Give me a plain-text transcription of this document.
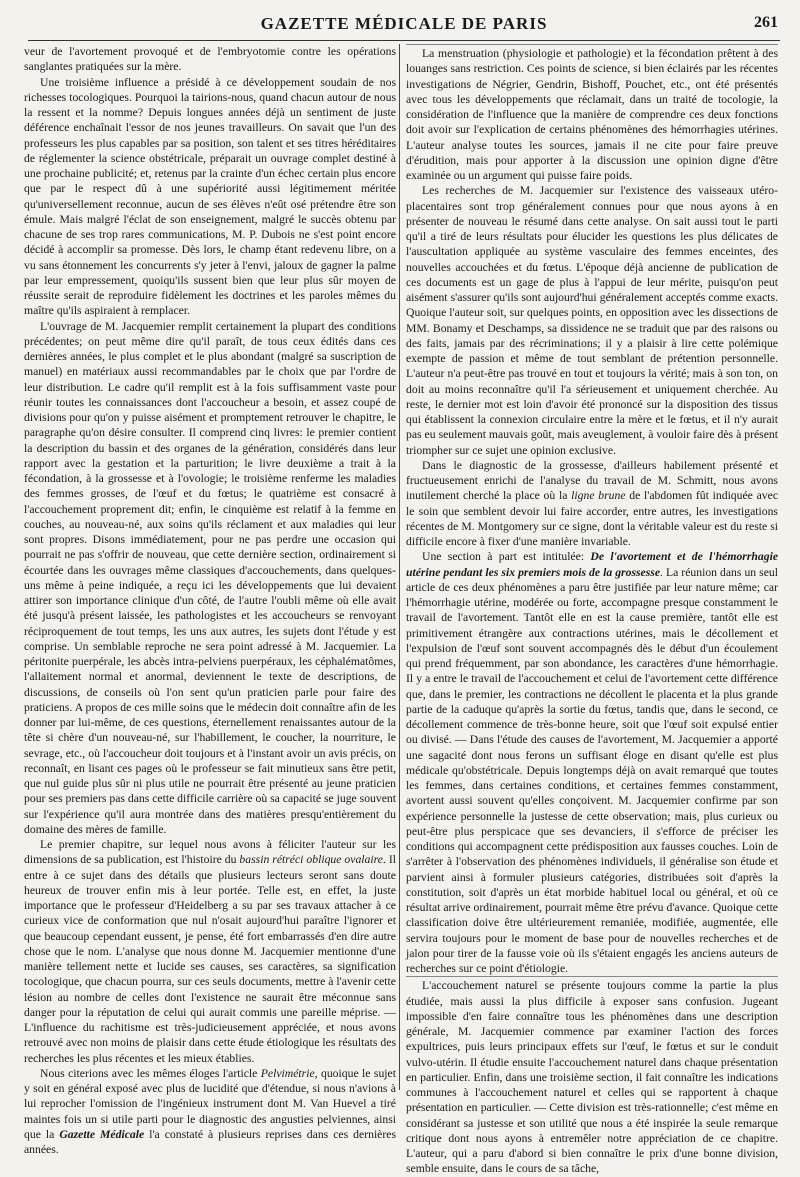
GAZETTE MÉDICALE DE PARIS	261

veur de l'avortement provoqué et de l'embryotomie contre les opérations sanglantes pratiquées sur la mère.

Une troisième influence a présidé à ce développement soudain de nos richesses tocologiques. Pourquoi la tairions-nous, quand chacun autour de nous la ressent et la nomme? Depuis longues années déjà un sentiment de juste déférence enchaînait l'essor de nos jeunes travailleurs. On savait que l'un des professeurs les plus capables par sa position, son talent et ses titres héréditaires de réglementer la science obstétricale, préparait un ouvrage complet destiné à une prochaine publicité; et, retenus par la crainte d'un échec certain plus encore que par le respect dû à une supériorité aussi légitimement méritée qu'universellement reconnue, aucun de ses élèves n'eût osé prétendre être son émule. Mais malgré l'éclat de son enseignement, malgré le succès obtenu par chacune de ses trop rares communications, M. P. Dubois ne s'est point encore décidé à accomplir sa promesse. Dès lors, le champ étant redevenu libre, on a vu sans étonnement les concurrents s'y jeter à l'envi, jaloux de gagner la palme par leur empressement, quoiqu'ils sussent bien que leur plus sûr moyen de réussite serait de reproduire fidèlement les doctrines et les paroles mêmes du maître qu'ils aspiraient à remplacer.

L'ouvrage de M. Jacquemier remplit certainement la plupart des conditions précédentes; on peut même dire qu'il paraît, de tous ceux édités dans ces dernières années, le plus complet et le plus abondant (malgré sa suscription de manuel) en matériaux aussi recommandables par le choix que par l'ordre de leur distribution. Le cadre qu'il remplit est à la fois suffisamment vaste pour réunir toutes les connaissances dont l'accoucheur a besoin, et assez coupé de divisions pour qu'on y puisse aisément et promptement retrouver le chapitre, le paragraphe qu'on désire consulter. Il comprend cinq livres: le premier contient la description du bassin et des organes de la génération, considérés dans leur rapport avec la gestation et la parturition; le livre deuxième a trait à la fécondation, à la grossesse et à l'ovologie; le troisième renferme les maladies des femmes grosses, de l'œuf et du fœtus; le quatrième est consacré à l'accouchement proprement dit; enfin, le cinquième est relatif à la femme en couches, au nouveau-né, aux soins qu'ils réclament et aux maladies qui leur sont propres. Disons immédiatement, pour ne pas perdre une occasion qui pourrait ne pas s'offrir de nouveau, que cette dernière section, ordinairement si écourtée dans les ouvrages même classiques d'accouchements, dans quelques-uns même à peine indiquée, a reçu ici les développements que lui devaient attirer son importance clinique d'un côté, de l'autre l'oubli même où elle avait été jusqu'à présent laissée, les pathologistes et les accoucheurs se renvoyant réciproquement de tout temps, les uns aux autres, les sujets dont l'étude y est comprise. Un semblable reproche ne sera point adressé à M. Jacquemier. La péritonite puerpérale, les abcès intra-pelviens puerpéraux, les céphalématômes, l'allaitement normal et anormal, deviennent le texte de descriptions, de discussions, de conseils où l'on sent qu'un praticien parle pour faire des praticiens. A propos de ces mille soins que le médecin doit connaître afin de les donner par lui-même, de ces questions, éternellement renaissantes autour de la tête si chère d'un nouveau-né, sur l'habillement, le coucher, la nourriture, le sevrage, etc., où l'accoucheur doit toujours et à l'instant avoir un avis précis, on reconnaît, en lisant ces pages où le professeur se fait minutieux sans être petit, que nul guide plus sûr ni plus utile ne pourrait être présenté au jeune praticien pour ses premiers pas dans cette difficile carrière où sa capacité se juge souvent sur l'expérience qu'il aura montrée dans des matières presqu'entièrement du domaine des mères de famille.

Le premier chapitre, sur lequel nous avons à féliciter l'auteur sur les dimensions de sa publication, est l'histoire du bassin rétréci oblique ovalaire. Il entre à ce sujet dans des détails que plusieurs lecteurs seront sans doute heureux de trouver enfin mis à leur portée. Telle est, en effet, la juste importance que le professeur d'Heidelberg a su par ses travaux attacher à ce curieux vice de conformation que nul n'osait aujourd'hui paraître l'ignorer et que beaucoup cependant eussent, je pense, été fort embarrassés d'en dire autre chose que le nom. L'analyse que nous donne M. Jacquemier mentionne d'une manière tellement nette et lucide ses causes, ses caractères, sa signification tocologique, que chacun pourra, sur ces seuls documents, mettre à l'avenir cette lésion au nombre de celles dont l'existence ne saurait être méconnue sans danger pour la réputation de celui qui aurait commis une pareille méprise. — L'influence du rachitisme est très-judicieusement appréciée, et nous avons retrouvé avec non moins de plaisir dans cette étude étiologique les résultats des recherches les plus récentes et les mieux établies.

Nous citerions avec les mêmes éloges l'article Pelvimétrie, quoique le sujet y soit en général exposé avec plus de lucidité que d'étendue, si nous n'avions à lui reprocher l'omission de l'ingénieux instrument dont M. Van Huevel a tiré maintes fois un si utile parti pour le diagnostic des angusties pelviennes, ainsi que la Gazette Médicale l'a constaté à plusieurs reprises dans ces dernières années.

La menstruation (physiologie et pathologie) et la fécondation prêtent à des louanges sans restriction. Ces points de science, si bien éclairés par les récentes investigations de Négrier, Gendrin, Bishoff, Pouchet, etc., ont été présentés avec tous les développements que réclamait, dans un traité de tocologie, la considération de l'influence que la manière de comprendre ces deux fonctions doit avoir sur l'explication de certains phénomènes des hémorrhagies utérines. L'auteur analyse toutes les sources, jamais il ne cite pour faire preuve d'érudition, mais pour apporter à la discussion une opinion digne d'être examinée ou un argument qui puisse faire poids.

Les recherches de M. Jacquemier sur l'existence des vaisseaux utéro-placentaires sont trop généralement connues pour que nous ayons à en présenter de nouveau le résumé dans cette analyse. On sait aussi tout le parti qu'il a tiré de leurs résultats pour élucider les questions les plus délicates de l'auscultation appliquée au système vasculaire des femmes enceintes, des nouvelles accouchées et du fœtus. L'époque déjà ancienne de publication de ces documents est un gage de plus à l'appui de leur mérite, puisqu'on peut aisément s'assurer qu'ils sont aujourd'hui généralement acceptés comme exacts. Quoique l'auteur soit, sur quelques points, en opposition avec les dissections de MM. Bonamy et Deschamps, sa dissidence ne se traduit que par des raisons ou des faits, jamais par des récriminations; il y a plaisir à lire cette polémique exempte de passion et même de tout semblant de prétention personnelle. L'auteur n'a peut-être pas trouvé en tout et toujours la vérité; mais à son ton, on doit au moins reconnaître qu'il l'a sérieusement et uniquement cherchée. Au reste, le dernier mot est loin d'avoir été prononcé sur la disposition des tissus qui établissent la connexion circulaire entre la mère et le fœtus, et il n'y aurait pas eu seulement mauvais goût, mais aveuglement, à vouloir faire dès à présent triompher sur ce sujet une opinion exclusive.

Dans le diagnostic de la grossesse, d'ailleurs habilement présenté et fructueusement enrichi de l'analyse du travail de M. Schmitt, nous avons inutilement cherché la place où la ligne brune de l'abdomen fût indiquée avec le soin que semblent devoir lui faire accorder, entre autres, les investigations récentes de M. Montgomery sur ce signe, dont la véritable valeur est du reste si difficile encore à fixer d'une manière invariable.

Une section à part est intitulée: De l'avortement et de l'hémorrhagie utérine pendant les six premiers mois de la grossesse. La réunion dans un seul article de ces deux phénomènes a paru être justifiée par leur nature même; car l'hémorrhagie utérine, modérée ou forte, accompagne presque constamment le travail de l'avortement. Tantôt elle en est la cause première, tantôt elle est primitivement étrangère aux contractions utérines, mais le décollement et l'expulsion de l'œuf sont souvent accompagnés dès le début d'un écoulement qui prend fréquemment, par son abondance, les caractères d'une hémorrhagie. Il y a entre le travail de l'accouchement et celui de l'avortement cette différence que, dans le premier, les contractions ne décollent le placenta et la plus grande partie de la caduque qu'après la sortie du fœtus, tandis que, dans le second, ce décollement commence de très-bonne heure, soit que l'œuf soit expulsé entier ou divisé. — Dans l'étude des causes de l'avortement, M. Jacquemier a apporté une sagacité dont nous ferons un suffisant éloge en disant qu'elle est plus médicale qu'obstétricale. Depuis longtemps déjà on avait remarqué que toutes les femmes, dans certaines conditions, et certaines femmes constamment, avortent aussi souvent qu'elles conçoivent. M. Jacquemier confirme par son expérience personnelle la justesse de cette observation; mais, plus curieux ou peut-être plus perspicace que ses devanciers, il s'efforce de préciser les conditions qui accompagnent cette prédisposition aux fausses couches. Loin de s'arrêter à l'observation des phénomènes individuels, il généralise son étude et parvient ainsi à formuler plusieurs catégories, distribuées soit d'après la constitution, soit d'après un état morbide habituel local ou général, et où ce résultat arrive ordinairement, pourrait même être prévu d'avance. Quoique cette classification doive être ultérieurement remaniée, modifiée, augmentée, elle servira toujours pour le moment de base pour de nouvelles recherches et de jalon pour tirer de la fausse voie où ils s'étaient engagés les anciens auteurs de recherches sur ce point d'étiologie.

L'accouchement naturel se présente toujours comme la partie la plus étudiée, mais aussi la plus difficile à exposer sans confusion. Jugeant impossible d'en faire connaître tous les phénomènes dans une description générale, M. Jacquemier commence par examiner l'action des forces expultrices, puis leurs principaux effets sur l'œuf, le fœtus et sur le conduit vulvo-utérin. Il étudie ensuite l'accouchement naturel dans chaque présentation en particulier. Enfin, dans une troisième section, il fait connaître les indications communes à l'accouchement naturel et celles qui se rapportent à chaque présentation en particulier. — Cette division est très-rationnelle; c'est même en considérant sa justesse et son utilité que nous a été inspirée la seule remarque critique dont nous ayons à entremêler notre appréciation de ce chapitre. L'auteur, qui a paru d'abord si bien connaître le prix d'une bonne division, semble ensuite, dans le cours de sa tâche,
